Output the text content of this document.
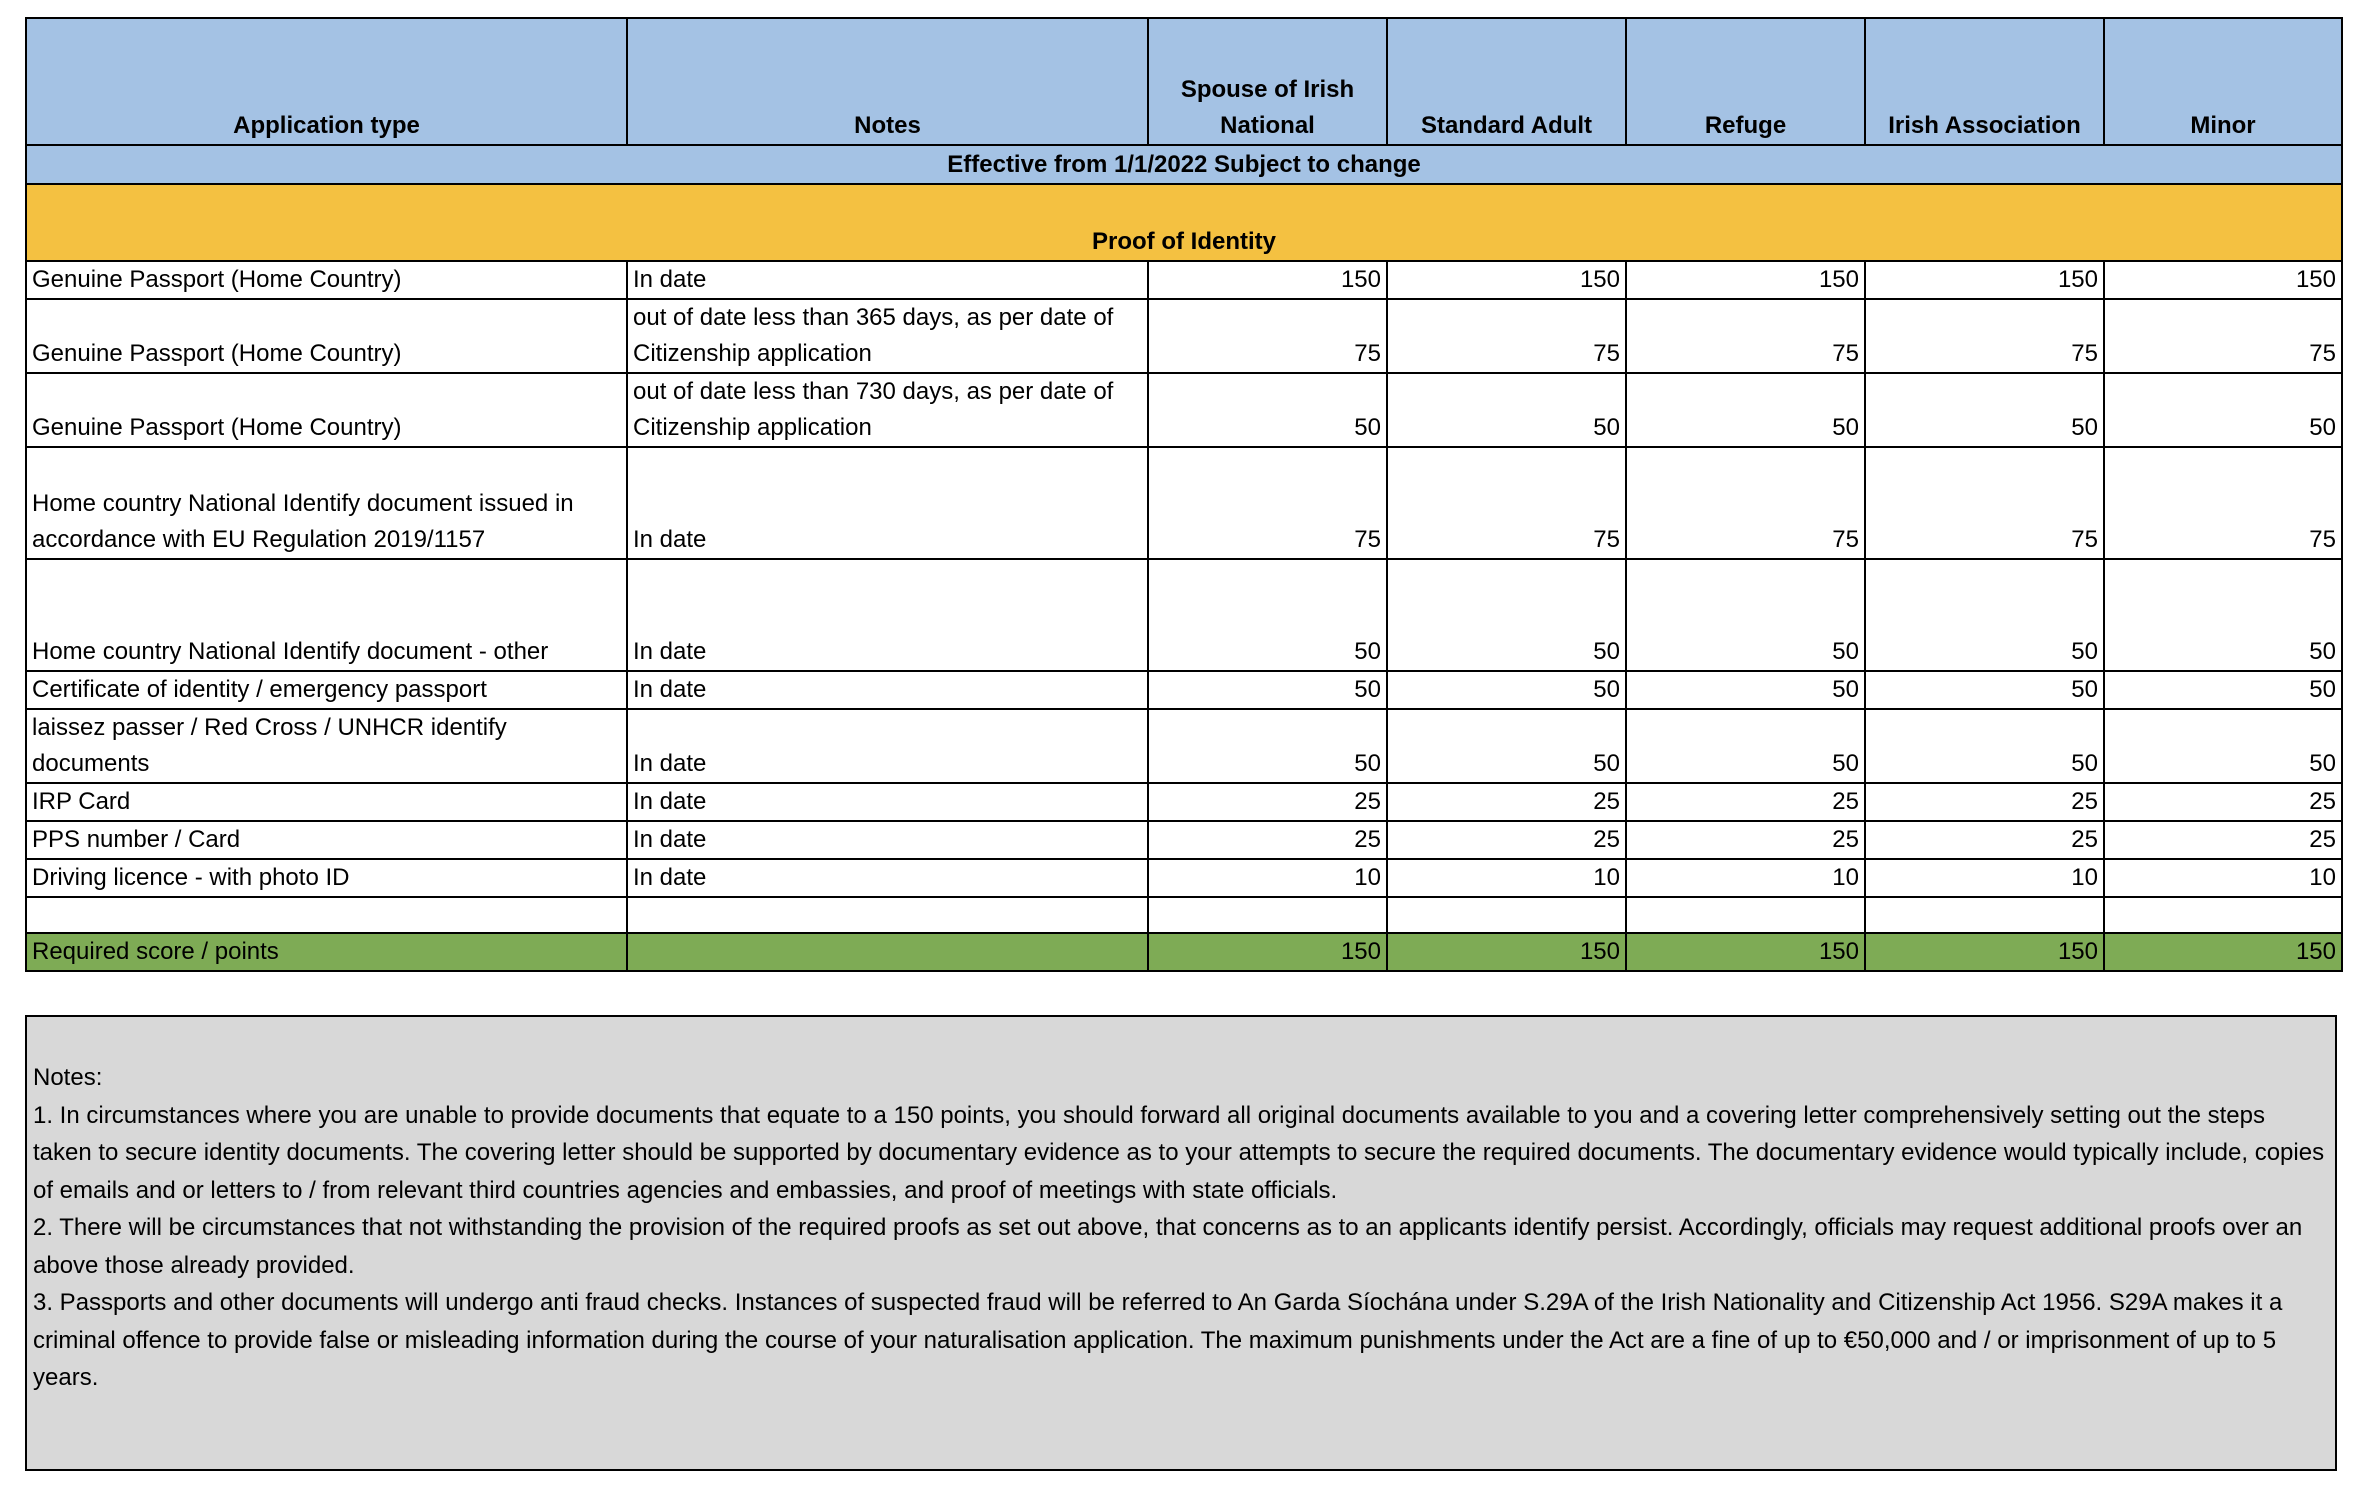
Application type	Notes	Spouse of Irish National	Standard Adult	Refuge	Irish Association	Minor
Effective from 1/1/2022 Subject to change						
Proof of Identity						
Genuine Passport (Home Country)	In date	150	150	150	150	150
Genuine Passport (Home Country)	out of date less than 365 days, as per date of Citizenship application	75	75	75	75	75
Genuine Passport (Home Country)	out of date less than 730 days, as per date of Citizenship application	50	50	50	50	50
Home country National Identify document issued in accordance with EU Regulation 2019/1157	In date	75	75	75	75	75
Home country National Identify document - other	In date	50	50	50	50	50
Certificate of identity / emergency passport	In date	50	50	50	50	50
laissez passer / Red Cross / UNHCR identify documents	In date	50	50	50	50	50
IRP Card	In date	25	25	25	25	25
PPS number / Card	In date	25	25	25	25	25
Driving licence - with photo ID	In date	10	10	10	10	10

Required score / points		150	150	150	150	150

Notes:

1. In circumstances where you are unable to provide documents that equate to a 150 points, you should forward all original documents available to you and a covering letter comprehensively setting out the steps taken to secure identity documents. The covering letter should be supported by documentary evidence as to your attempts to secure the required documents. The documentary evidence would typically include, copies of emails and or letters to / from relevant third countries agencies and embassies, and proof of meetings with state officials.

2. There will be circumstances that not withstanding the provision of the required proofs as set out above, that concerns as to an applicants identify persist. Accordingly, officials may request additional proofs over an above those already provided.

3. Passports and other documents will undergo anti fraud checks. Instances of suspected fraud will be referred to An Garda Síochána under S.29A of the Irish Nationality and Citizenship Act 1956. S29A makes it a criminal offence to provide false or misleading information during the course of your naturalisation application. The maximum punishments under the Act are a fine of up to €50,000 and / or imprisonment of up to 5 years.
